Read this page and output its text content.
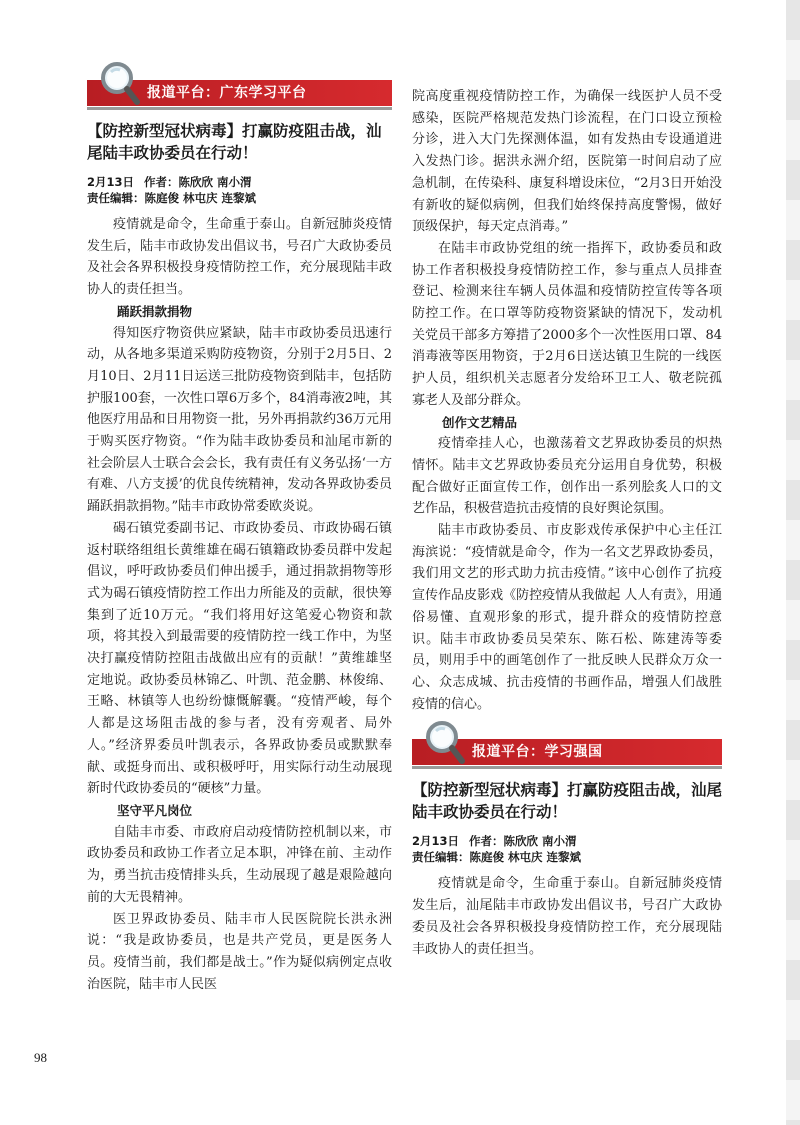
报道平台：广东学习平台
【防控新型冠状病毒】打赢防疫阻击战，汕尾陆丰政协委员在行动！
2月13日 作者：陈欣欣 南小渭
责任编辑：陈庭俊 林屯庆 连黎斌

疫情就是命令，生命重于泰山。自新冠肺炎疫情发生后，陆丰市政协发出倡议书，号召广大政协委员及社会各界积极投身疫情防控工作，充分展现陆丰政协人的责任担当。

踊跃捐款捐物

得知医疗物资供应紧缺，陆丰市政协委员迅速行动，从各地多渠道采购防疫物资，分别于2月5日、2月10日、2月11日运送三批防疫物资到陆丰，包括防护服100套，一次性口罩6万多个，84消毒液2吨，其他医疗用品和日用物资一批，另外再捐款约36万元用于购买医疗物资。“作为陆丰政协委员和汕尾市新的社会阶层人士联合会会长，我有责任有义务弘扬‘一方有难、八方支援’的优良传统精神，发动各界政协委员踊跃捐款捐物。”陆丰市政协常委欧炎说。

碣石镇党委副书记、市政协委员、市政协碣石镇返村联络组组长黄维雄在碣石镇籍政协委员群中发起倡议，呼吁政协委员们伸出援手，通过捐款捐物等形式为碣石镇疫情防控工作出力所能及的贡献，很快筹集到了近10万元。“我们将用好这笔爱心物资和款项，将其投入到最需要的疫情防控一线工作中，为坚决打赢疫情防控阻击战做出应有的贡献！”黄维雄坚定地说。政协委员林锦乙、叶凯、范金鹏、林俊绵、王略、林镇等人也纷纷慷慨解囊。“疫情严峻，每个人都是这场阻击战的参与者，没有旁观者、局外人。”经济界委员叶凯表示，各界政协委员或默默奉献、或挺身而出、或积极呼吁，用实际行动生动展现新时代政协委员的“硬核”力量。

坚守平凡岗位

自陆丰市委、市政府启动疫情防控机制以来，市政协委员和政协工作者立足本职，冲锋在前、主动作为，勇当抗击疫情排头兵，生动展现了越是艰险越向前的大无畏精神。

医卫界政协委员、陆丰市人民医院院长洪永洲说：“我是政协委员，也是共产党员，更是医务人员。疫情当前，我们都是战士。”作为疑似病例定点收治医院，陆丰市人民医

院高度重视疫情防控工作，为确保一线医护人员不受感染，医院严格规范发热门诊流程，在门口设立预检分诊，进入大门先探测体温，如有发热由专设通道进入发热门诊。据洪永洲介绍，医院第一时间启动了应急机制，在传染科、康复科增设床位，“2月3日开始没有新收的疑似病例，但我们始终保持高度警惕，做好顶级保护，每天定点消毒。”

在陆丰市政协党组的统一指挥下，政协委员和政协工作者积极投身疫情防控工作，参与重点人员排查登记、检测来往车辆人员体温和疫情防控宣传等各项防控工作。在口罩等防疫物资紧缺的情况下，发动机关党员干部多方筹措了2000多个一次性医用口罩、84消毒液等医用物资，于2月6日送达镇卫生院的一线医护人员，组织机关志愿者分发给环卫工人、敬老院孤寡老人及部分群众。

创作文艺精品

疫情牵挂人心，也激荡着文艺界政协委员的炽热情怀。陆丰文艺界政协委员充分运用自身优势，积极配合做好正面宣传工作，创作出一系列脍炙人口的文艺作品，积极营造抗击疫情的良好舆论氛围。

陆丰市政协委员、市皮影戏传承保护中心主任江海滨说：“疫情就是命令，作为一名文艺界政协委员，我们用文艺的形式助力抗击疫情。”该中心创作了抗疫宣传作品皮影戏《防控疫情从我做起 人人有责》，用通俗易懂、直观形象的形式，提升群众的疫情防控意识。陆丰市政协委员吴荣东、陈石松、陈建涛等委员，则用手中的画笔创作了一批反映人民群众万众一心、众志成城、抗击疫情的书画作品，增强人们战胜疫情的信心。

报道平台：学习强国
【防控新型冠状病毒】打赢防疫阻击战，汕尾陆丰政协委员在行动！
2月13日 作者：陈欣欣 南小渭
责任编辑：陈庭俊 林屯庆 连黎斌

疫情就是命令，生命重于泰山。自新冠肺炎疫情发生后，汕尾陆丰市政协发出倡议书，号召广大政协委员及社会各界积极投身疫情防控工作，充分展现陆丰政协人的责任担当。

98
